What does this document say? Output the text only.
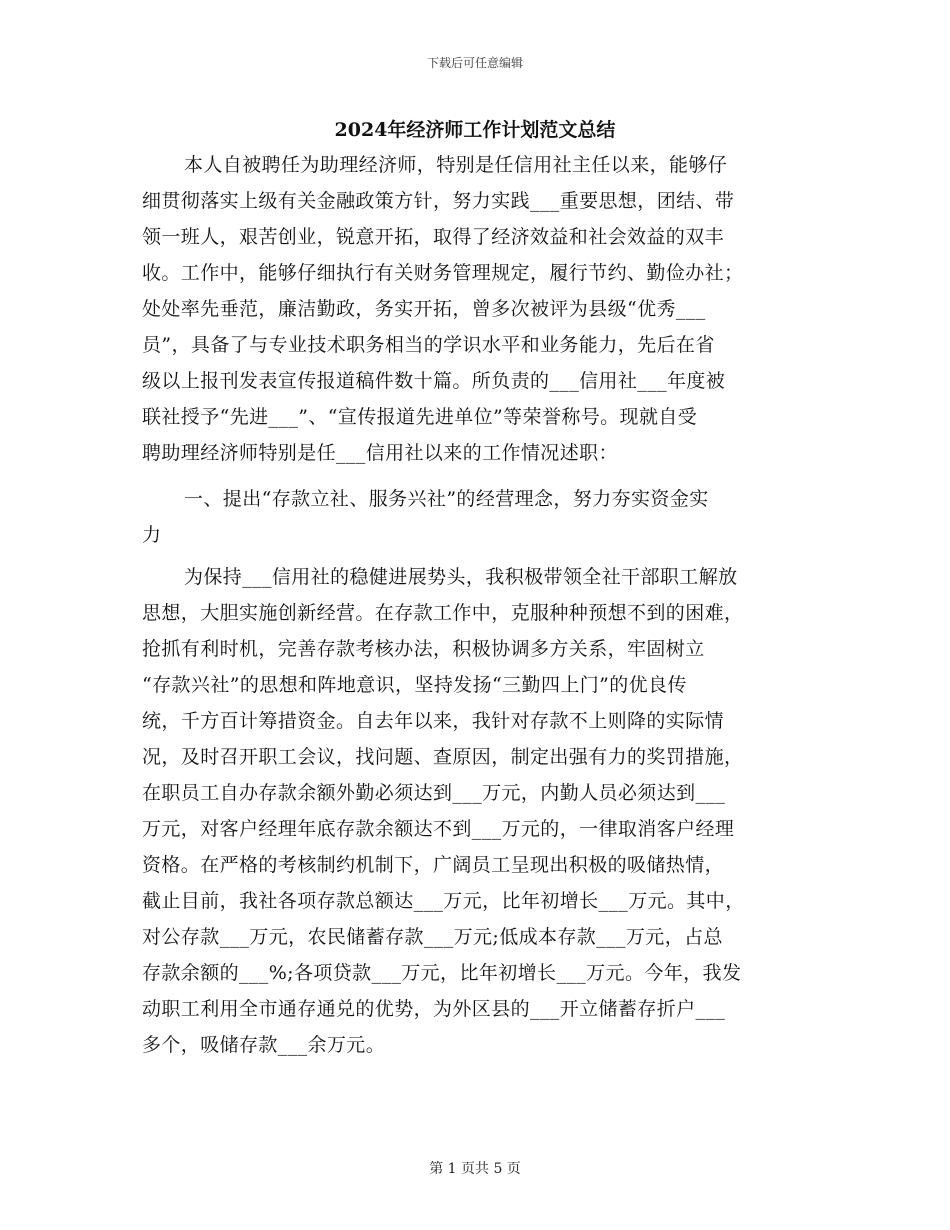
下载后可任意编辑
2024年经济师工作计划范文总结
本人自被聘任为助理经济师，特别是任信用社主任以来，能够仔
细贯彻落实上级有关金融政策方针，努力实践___重要思想，团结、带
领一班人，艰苦创业，锐意开拓，取得了经济效益和社会效益的双丰
收。工作中，能够仔细执行有关财务管理规定，履行节约、勤俭办社；
处处率先垂范，廉洁勤政，务实开拓，曾多次被评为县级“优秀___
员”，具备了与专业技术职务相当的学识水平和业务能力，先后在省
级以上报刊发表宣传报道稿件数十篇。所负责的___信用社___年度被
联社授予“先进___”、“宣传报道先进单位”等荣誉称号。现就自受
聘助理经济师特别是任___信用社以来的工作情况述职：
一、提出“存款立社、服务兴社”的经营理念，努力夯实资金实
力
为保持___信用社的稳健进展势头，我积极带领全社干部职工解放
思想，大胆实施创新经营。在存款工作中，克服种种预想不到的困难，
抢抓有利时机，完善存款考核办法，积极协调多方关系，牢固树立
“存款兴社”的思想和阵地意识，坚持发扬“三勤四上门”的优良传
统，千方百计筹措资金。自去年以来，我针对存款不上则降的实际情
况，及时召开职工会议，找问题、查原因，制定出强有力的奖罚措施，
在职员工自办存款余额外勤必须达到___万元，内勤人员必须达到___
万元，对客户经理年底存款余额达不到___万元的，一律取消客户经理
资格。在严格的考核制约机制下，广阔员工呈现出积极的吸储热情，
截止目前，我社各项存款总额达___万元，比年初增长___万元。其中，
对公存款___万元，农民储蓄存款___万元;低成本存款___万元，占总
存款余额的___%;各项贷款___万元，比年初增长___万元。今年，我发
动职工利用全市通存通兑的优势，为外区县的___开立储蓄存折户___
多个，吸储存款___余万元。
第 1 页共 5 页
